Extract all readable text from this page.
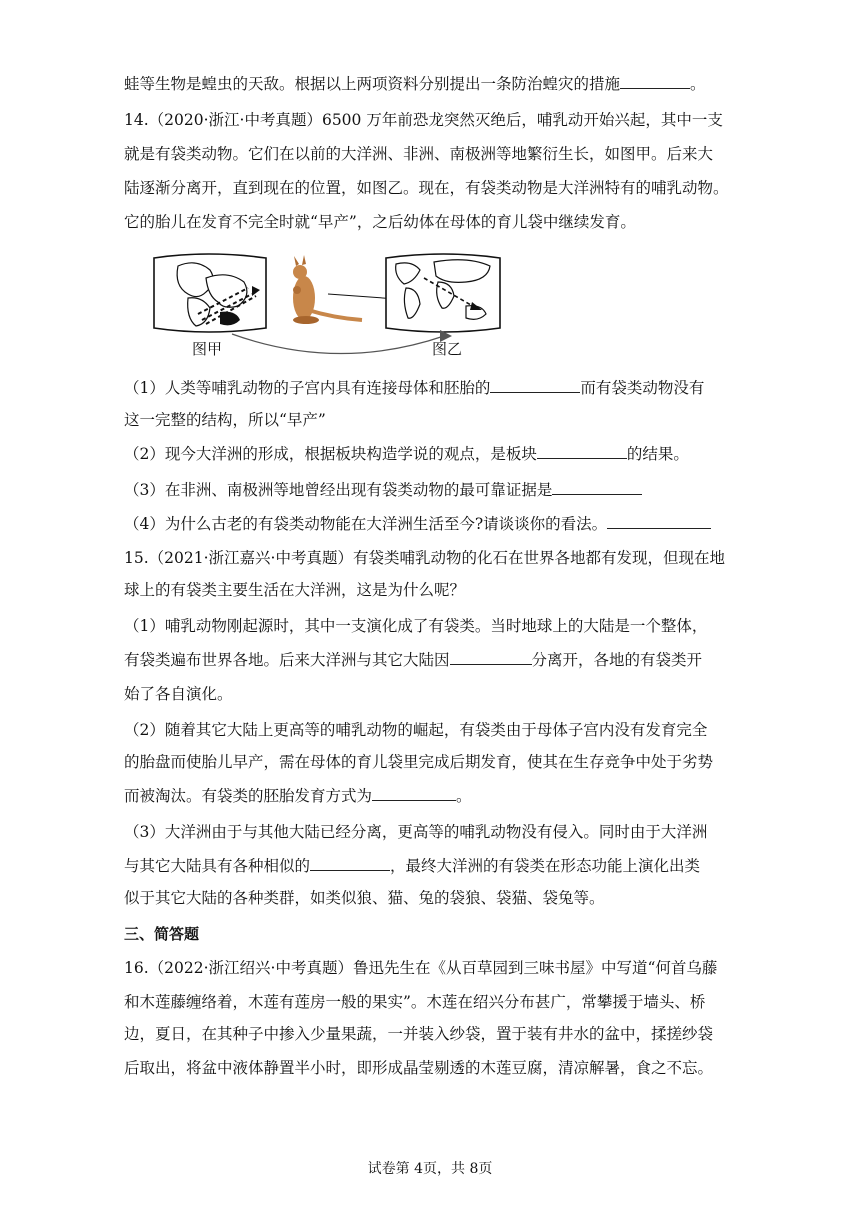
蛙等生物是蝗虫的天敌。根据以上两项资料分别提出一条防治蝗灾的措施	。
14.（2020·浙江·中考真题）6500 万年前恐龙突然灭绝后，哺乳动开始兴起，其中一支
就是有袋类动物。它们在以前的大洋洲、非洲、南极洲等地繁衍生长，如图甲。后来大
陆逐渐分离开，直到现在的位置，如图乙。现在，有袋类动物是大洋洲特有的哺乳动物。
它的胎儿在发育不完全时就“早产”，之后幼体在母体的育儿袋中继续发育。
图甲	图乙
（1）人类等哺乳动物的子宫内具有连接母体和胚胎的	而有袋类动物没有
这一完整的结构，所以“早产”
（2）现今大洋洲的形成，根据板块构造学说的观点，是板块	的结果。
（3）在非洲、南极洲等地曾经出现有袋类动物的最可靠证据是
（4）为什么古老的有袋类动物能在大洋洲生活至今?请谈谈你的看法。
15.（2021·浙江嘉兴·中考真题）有袋类哺乳动物的化石在世界各地都有发现，但现在地
球上的有袋类主要生活在大洋洲，这是为什么呢？
（1）哺乳动物刚起源时，其中一支演化成了有袋类。当时地球上的大陆是一个整体，
有袋类遍布世界各地。后来大洋洲与其它大陆因	分离开，各地的有袋类开
始了各自演化。
（2）随着其它大陆上更高等的哺乳动物的崛起，有袋类由于母体子宫内没有发育完全
的胎盘而使胎儿早产，需在母体的育儿袋里完成后期发育，使其在生存竞争中处于劣势
而被淘汰。有袋类的胚胎发育方式为	。
（3）大洋洲由于与其他大陆已经分离，更高等的哺乳动物没有侵入。同时由于大洋洲
与其它大陆具有各种相似的	，最终大洋洲的有袋类在形态功能上演化出类
似于其它大陆的各种类群，如类似狼、猫、兔的袋狼、袋猫、袋兔等。
三、简答题
16.（2022·浙江绍兴·中考真题）鲁迅先生在《从百草园到三味书屋》中写道“何首乌藤
和木莲藤缠络着，木莲有莲房一般的果实”。木莲在绍兴分布甚广，常攀援于墙头、桥
边，夏日，在其种子中掺入少量果蔬，一并装入纱袋，置于装有井水的盆中，揉搓纱袋
后取出，将盆中液体静置半小时，即形成晶莹剔透的木莲豆腐，清凉解暑，食之不忘。
试卷第 4页，共 8页
